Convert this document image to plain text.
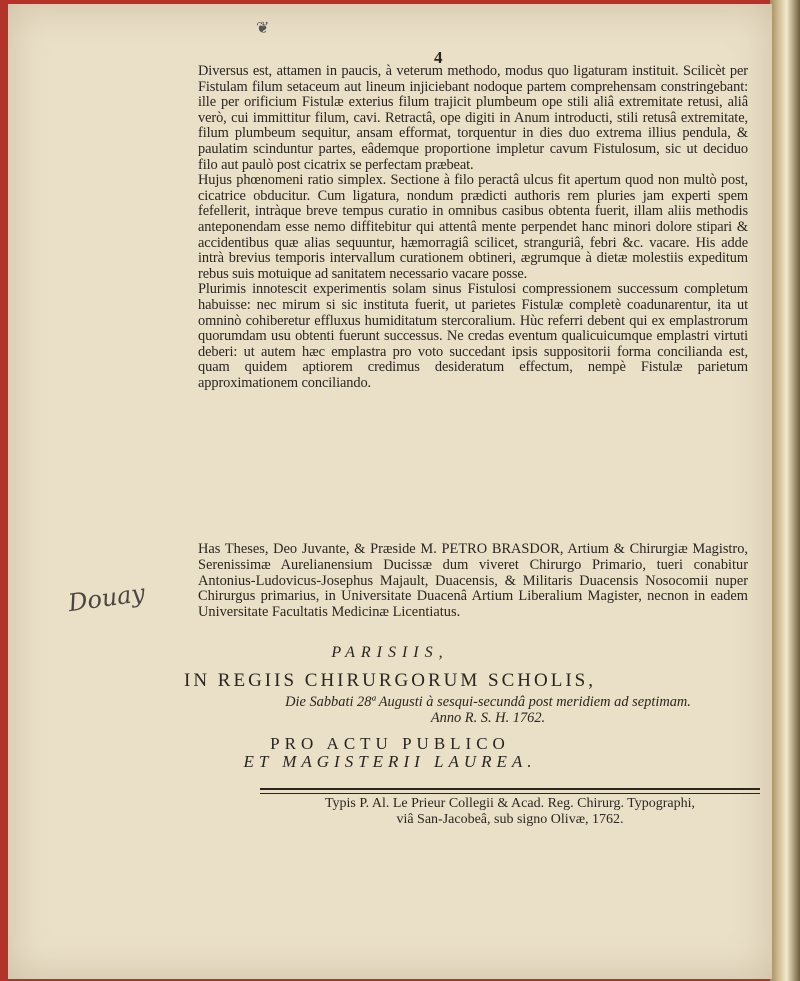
❦
4

Diversus est, attamen in paucis, à veterum methodo, modus quo ligaturam instituit. Scilicèt per Fistulam filum setaceum aut lineum injiciebant nodoque partem comprehensam constringebant: ille per orificium Fistulæ exterius filum trajicit plumbeum ope stili aliâ extremitate retusi, aliâ verò, cui immittitur filum, cavi. Retractâ, ope digiti in Anum introducti, stili retusâ extremitate, filum plumbeum sequitur, ansam efformat, torquentur in dies duo extrema illius pendula, & paulatim scinduntur partes, eâdemque proportione impletur cavum Fistulosum, sic ut deciduo filo aut paulò post cicatrix se perfectam præbeat.

Hujus phœnomeni ratio simplex. Sectione à filo peractâ ulcus fit apertum quod non multò post, cicatrice obducitur. Cum ligatura, nondum prædicti authoris rem pluries jam experti spem fefellerit, intràque breve tempus curatio in omnibus casibus obtenta fuerit, illam aliis methodis anteponendam esse nemo diffitebitur qui attentâ mente perpendet hanc minori dolore stipari & accidentibus quæ alias sequuntur, hæmorragiâ scilicet, stranguriâ, febri &c. vacare. His adde intrà brevius temporis intervallum curationem obtineri, ægrumque à dietæ molestiis expeditum rebus suis motuique ad sanitatem necessario vacare posse.

Plurimis innotescit experimentis solam sinus Fistulosi compressionem successum completum habuisse: nec mirum si sic instituta fuerit, ut parietes Fistulæ completè coadunarentur, ita ut omninò cohiberetur effluxus humiditatum stercoralium. Hùc referri debent qui ex emplastrorum quorumdam usu obtenti fuerunt successus. Ne credas eventum qualicuicumque emplastri virtuti deberi: ut autem hæc emplastra pro voto succedant ipsis suppositorii forma concilianda est, quam quidem aptiorem credimus desideratum effectum, nempè Fistulæ parietum approximationem conciliando.

Has Theses, Deo Juvante, & Præside M. PETRO BRASDOR, Artium & Chirurgiæ Magistro, Serenissimæ Aurelianensium Ducissæ dum viveret Chirurgo Primario, tueri conabitur Antonius-Ludovicus-Josephus Majault, Duacensis, & Militaris Duacensis Nosocomii nuper Chirurgus primarius, in Universitate Duacenâ Artium Liberalium Magister, necnon in eadem Universitate Facultatis Medicinæ Licentiatus.

Douay
PARISIIS,
IN REGIIS CHIRURGORUM SCHOLIS,
Die Sabbati 28ª Augusti à sesqui-secundâ post meridiem ad septimam.
Anno R. S. H. 1762.
PRO ACTU PUBLICO
ET MAGISTERII LAUREA.
Typis P. Al. Le Prieur Collegii & Acad. Reg. Chirurg. Typographi,
viâ San-Jacobeâ, sub signo Olivæ, 1762.
